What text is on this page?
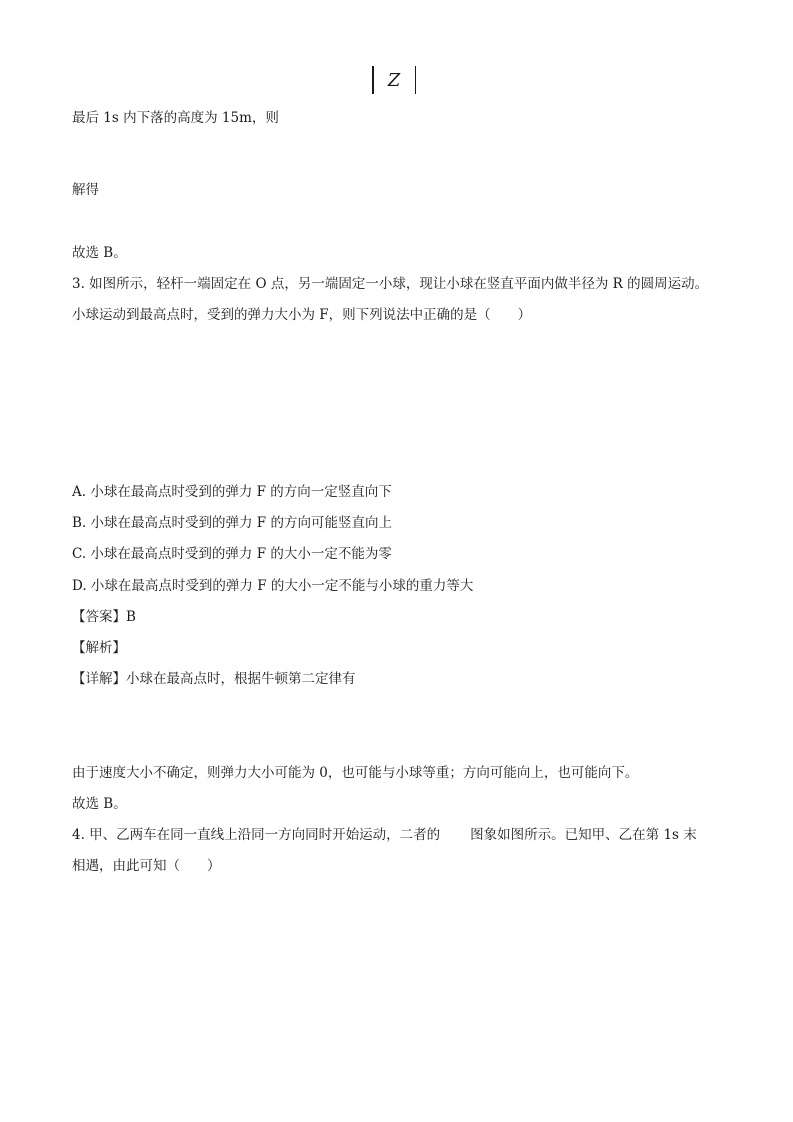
Z
最后 1s 内下落的高度为 15m，则
解得
故选 B。
3. 如图所示，轻杆一端固定在 O 点，另一端固定一小球，现让小球在竖直平面内做半径为 R 的圆周运动。
小球运动到最高点时，受到的弹力大小为 F，则下列说法中正确的是（　　）
A. 小球在最高点时受到的弹力 F 的方向一定竖直向下
B. 小球在最高点时受到的弹力 F 的方向可能竖直向上
C. 小球在最高点时受到的弹力 F 的大小一定不能为零
D. 小球在最高点时受到的弹力 F 的大小一定不能与小球的重力等大
【答案】B
【解析】
【详解】小球在最高点时，根据牛顿第二定律有
由于速度大小不确定，则弹力大小可能为 0，也可能与小球等重；方向可能向上，也可能向下。
故选 B。
4. 甲、乙两车在同一直线上沿同一方向同时开始运动，二者的 图象如图所示。已知甲、乙在第 1s 末
相遇，由此可知（　　）
